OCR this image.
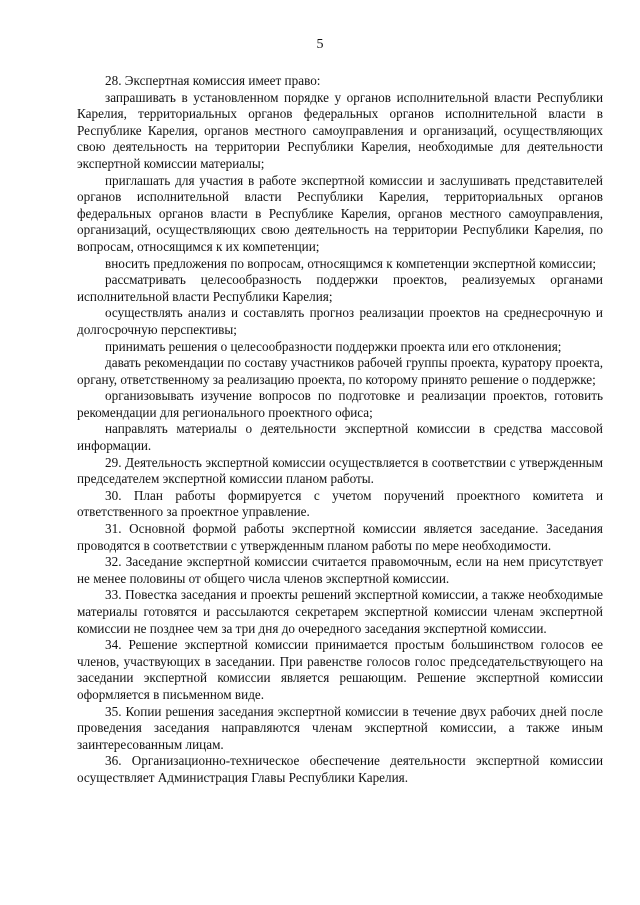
5

28. Экспертная комиссия имеет право:

запрашивать в установленном порядке у органов исполнительной власти Республики Карелия, территориальных органов федеральных органов исполнительной власти в Республике Карелия, органов местного самоуправления и организаций, осуществляющих свою деятельность на территории Республики Карелия, необходимые для деятельности экспертной комиссии материалы;

приглашать для участия в работе экспертной комиссии и заслушивать представителей органов исполнительной власти Республики Карелия, территориальных органов федеральных органов власти в Республике Карелия, органов местного самоуправления, организаций, осуществляющих свою деятельность на территории Республики Карелия, по вопросам, относящимся к их компетенции;

вносить предложения по вопросам, относящимся к компетенции экспертной комиссии;

рассматривать целесообразность поддержки проектов, реализуемых органами исполнительной власти Республики Карелия;

осуществлять анализ и составлять прогноз реализации проектов на среднесрочную и долгосрочную перспективы;

принимать решения о целесообразности поддержки проекта или его отклонения;

давать рекомендации по составу участников рабочей группы проекта, куратору проекта, органу, ответственному за реализацию проекта, по которому принято решение о поддержке;

организовывать изучение вопросов по подготовке и реализации проектов, готовить рекомендации для регионального проектного офиса;

направлять материалы о деятельности экспертной комиссии в средства массовой информации.

29. Деятельность экспертной комиссии осуществляется в соответствии с утвержденным председателем экспертной комиссии планом работы.

30. План работы формируется с учетом поручений проектного комитета и ответственного за проектное управление.

31. Основной формой работы экспертной комиссии является заседание. Заседания проводятся в соответствии с утвержденным планом работы по мере необходимости.

32. Заседание экспертной комиссии считается правомочным, если на нем присутствует не менее половины от общего числа членов экспертной комиссии.

33. Повестка заседания и проекты решений экспертной комиссии, а также необходимые материалы готовятся и рассылаются секретарем экспертной комиссии членам экспертной комиссии не позднее чем за три дня до очередного заседания экспертной комиссии.

34. Решение экспертной комиссии принимается простым большинством голосов ее членов, участвующих в заседании. При равенстве голосов голос председательствующего на заседании экспертной комиссии является решающим. Решение экспертной комиссии оформляется в письменном виде.

35. Копии решения заседания экспертной комиссии в течение двух рабочих дней после проведения заседания направляются членам экспертной комиссии, а также иным заинтересованным лицам.

36. Организационно-техническое обеспечение деятельности экспертной комиссии осуществляет Администрация Главы Республики Карелия.
